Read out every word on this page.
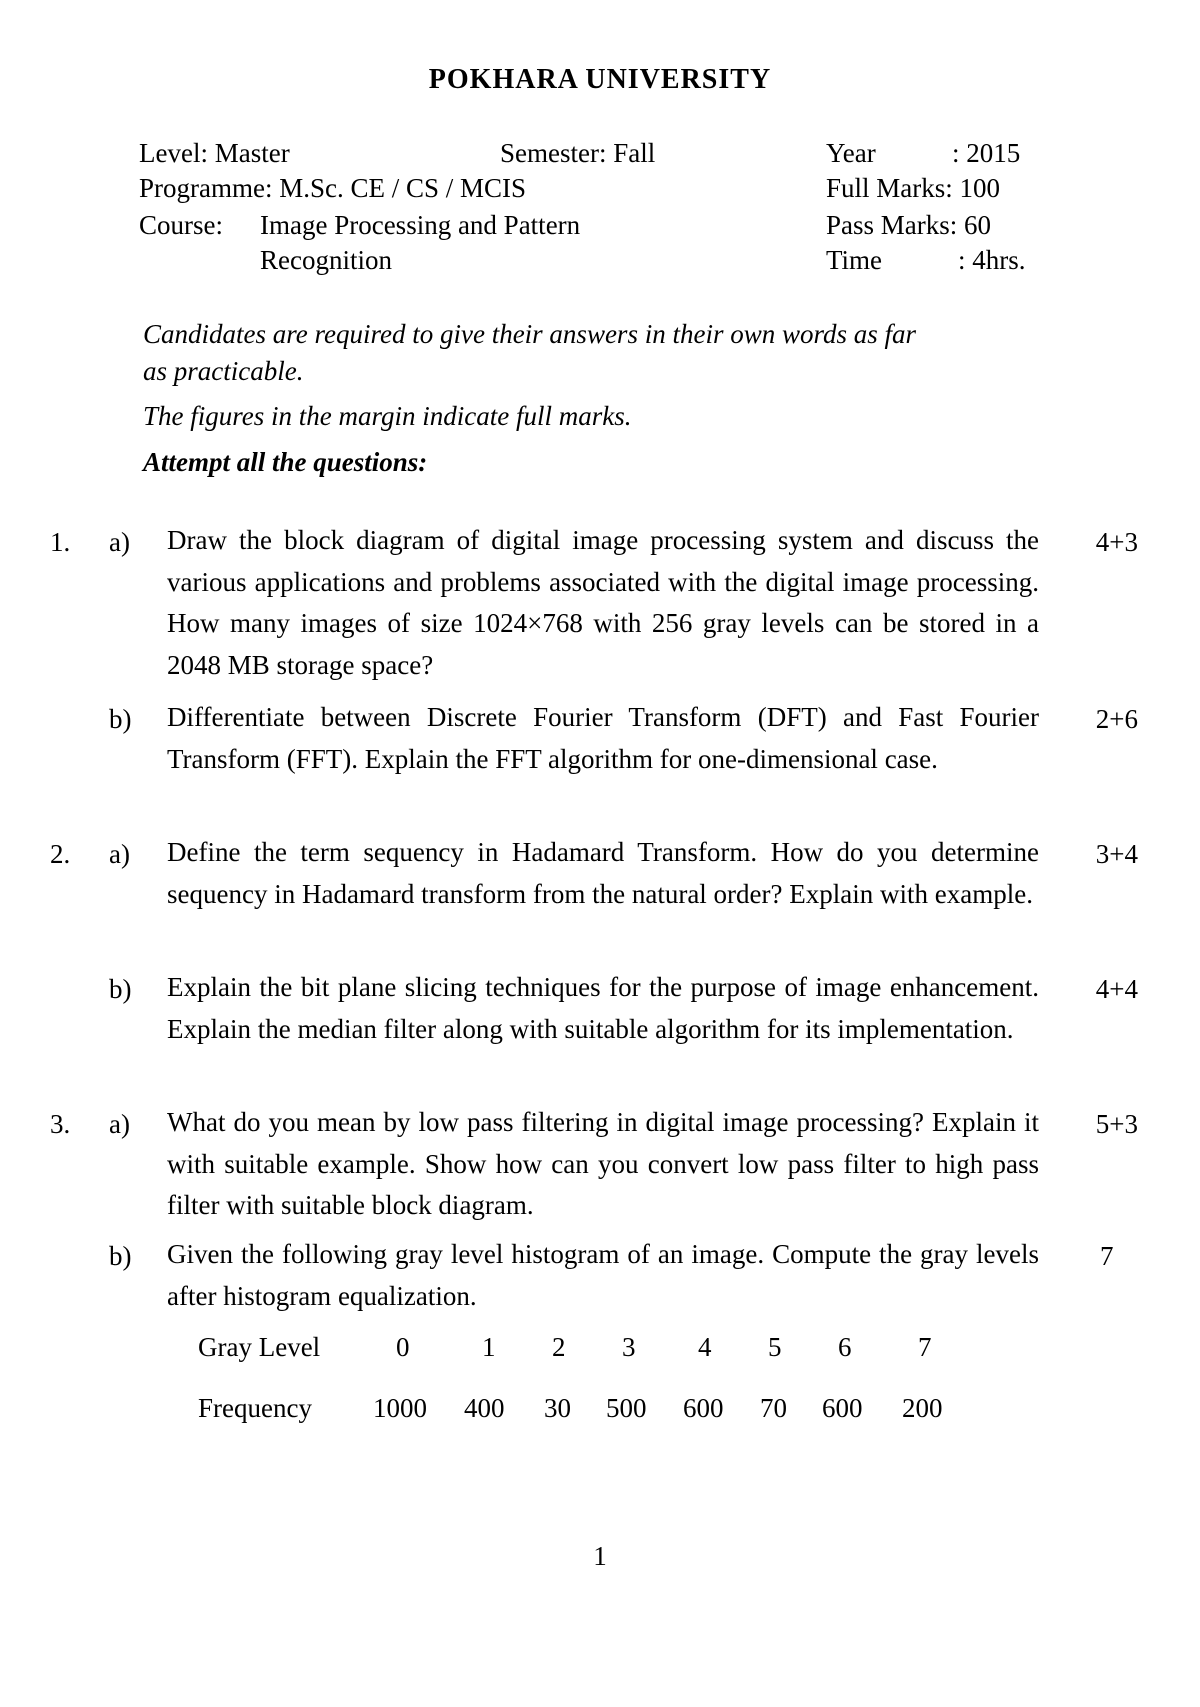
POKHARA UNIVERSITY
Level: Master	Semester: Fall	Year	: 2015
Programme: M.Sc. CE / CS / MCIS	Full Marks: 100
Course: Image Processing and Pattern	Pass Marks: 60
Recognition	Time	: 4hrs.
Candidates are required to give their answers in their own words as far
as practicable.
The figures in the margin indicate full marks.
Attempt all the questions:
1. a) Draw the block diagram of digital image processing system and discuss the various applications and problems associated with the digital image processing. How many images of size 1024×768 with 256 gray levels can be stored in a 2048 MB storage space?
4+3
b) Differentiate between Discrete Fourier Transform (DFT) and Fast Fourier Transform (FFT). Explain the FFT algorithm for one-dimensional case.
2+6
2. a) Define the term sequency in Hadamard Transform. How do you determine sequency in Hadamard transform from the natural order? Explain with example.
3+4
b) Explain the bit plane slicing techniques for the purpose of image enhancement. Explain the median filter along with suitable algorithm for its implementation.
4+4
3. a) What do you mean by low pass filtering in digital image processing? Explain it with suitable example. Show how can you convert low pass filter to high pass filter with suitable block diagram.
5+3
b) Given the following gray level histogram of an image. Compute the gray levels after histogram equalization.
7
Gray Level	0	1 2 3 4 5 6 7
Frequency 1000 400 30 500 600 70 600 200
1
